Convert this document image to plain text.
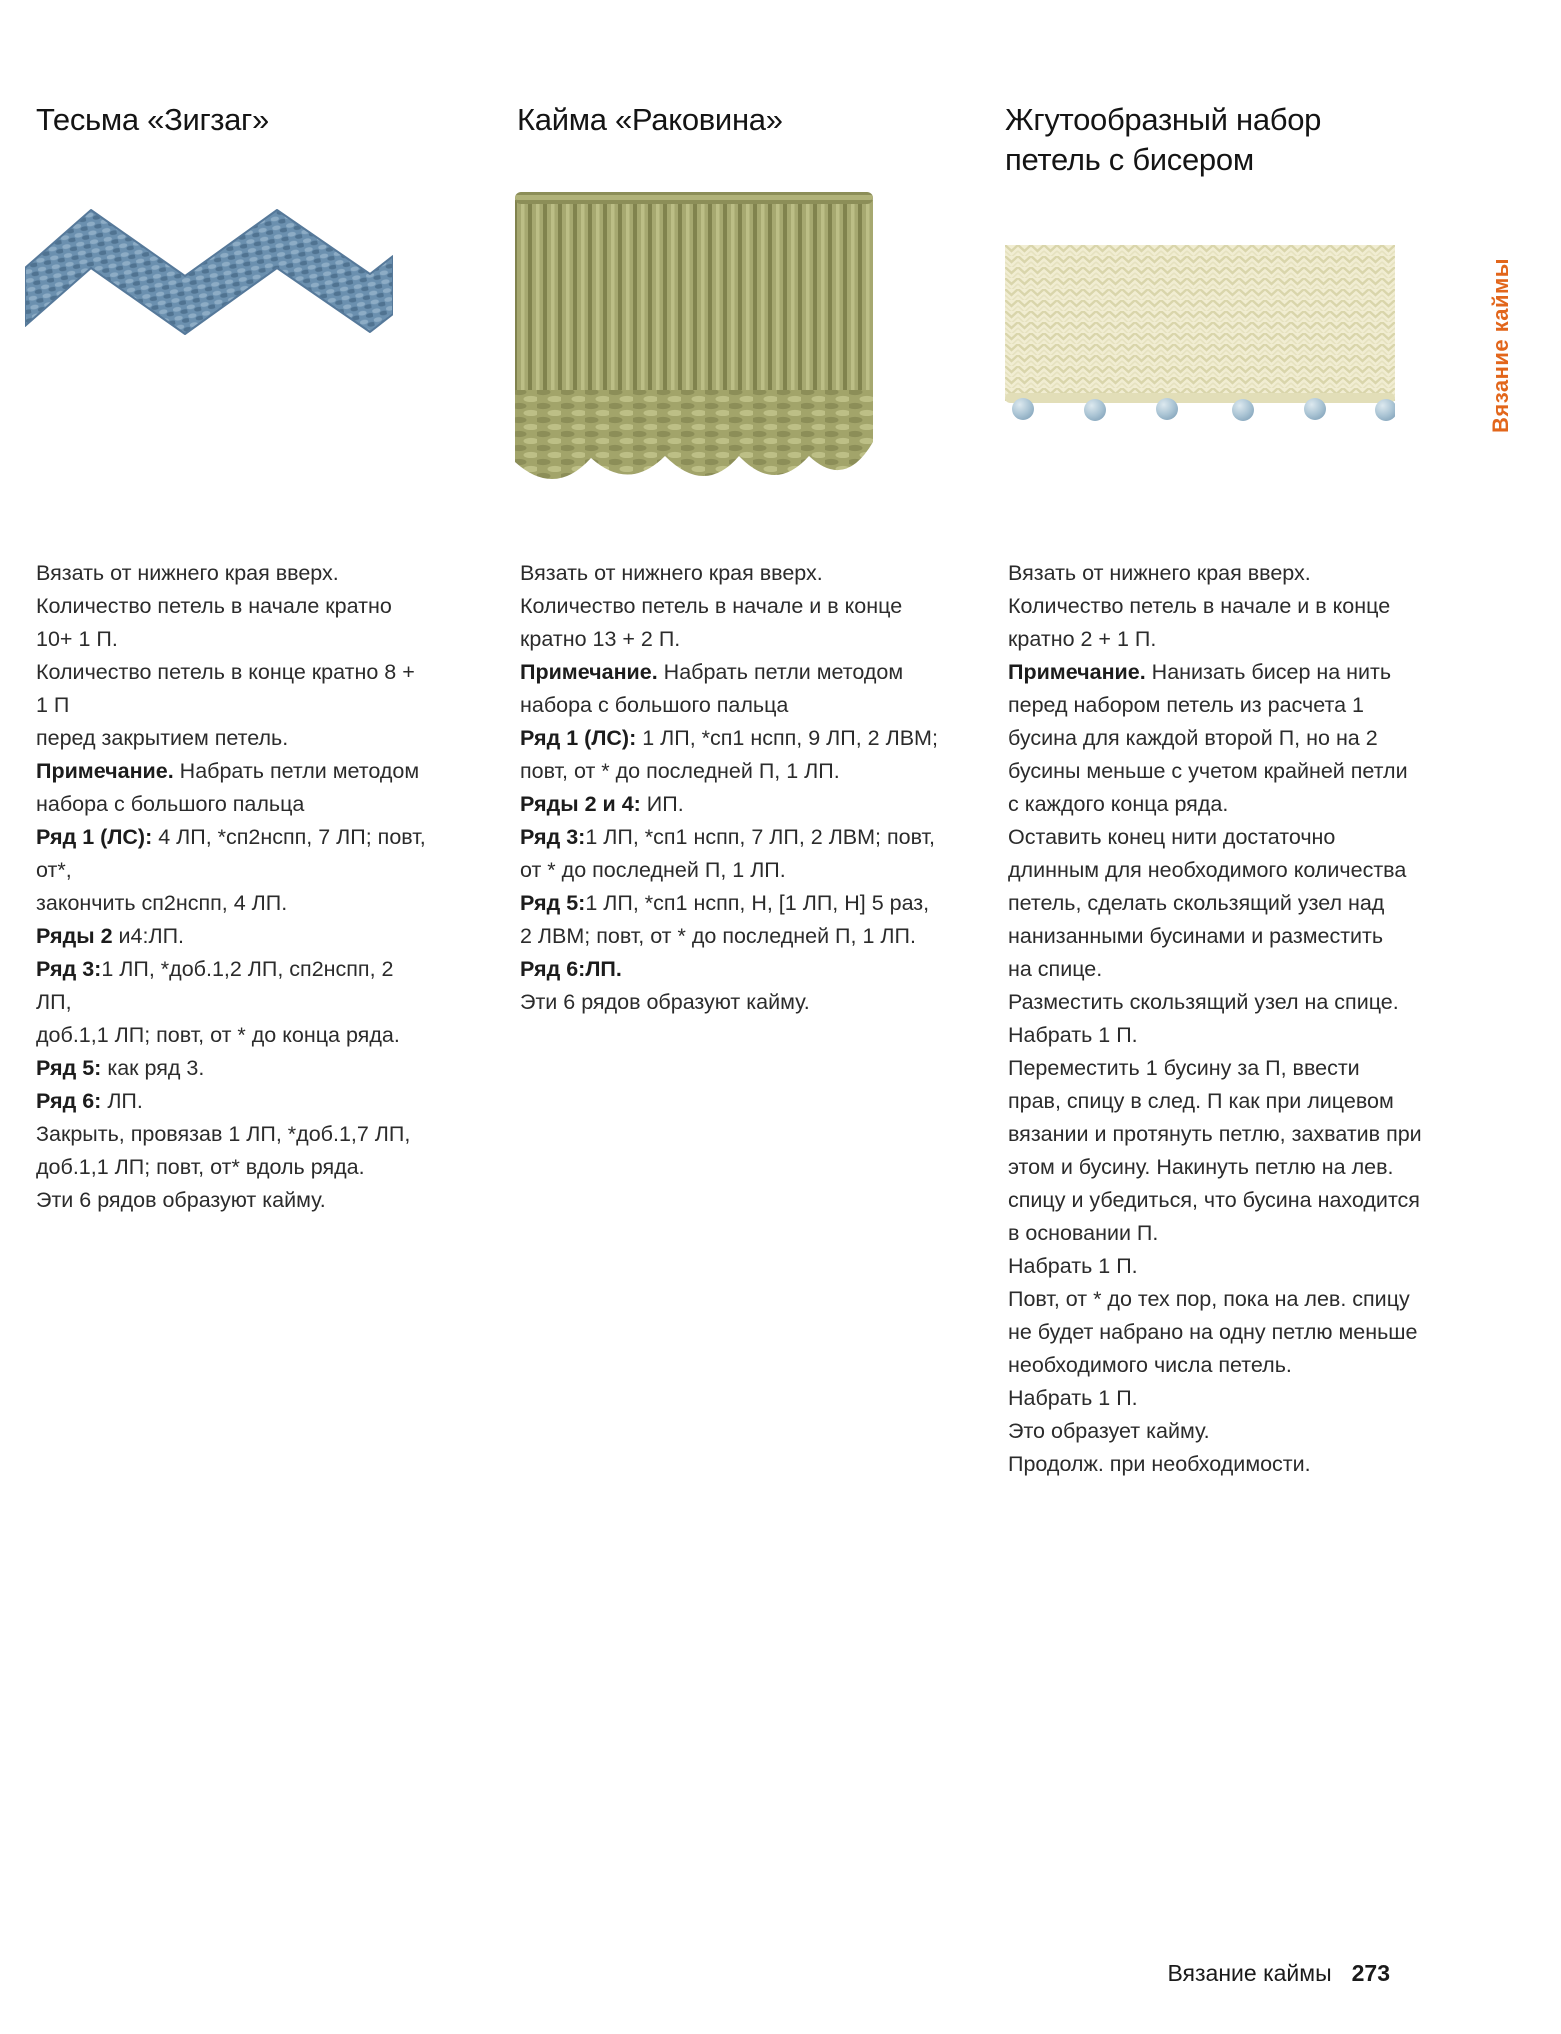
Тесьма «Зигзаг»

Вязать от нижнего края вверх.

Количество петель в начале кратно

10+ 1 П.

Количество петель в конце кратно 8 + 1 П

перед закрытием петель.

Примечание. Набрать петли методом

набора с большого пальца

Ряд 1 (ЛС): 4 ЛП, *сп2нспп, 7 ЛП; повт, от*,

закончить сп2нспп, 4 ЛП.

Ряды 2 и4:ЛП.

Ряд 3:1 ЛП, *доб.1,2 ЛП, сп2нспп, 2 ЛП,

доб.1,1 ЛП; повт, от * до конца ряда.

Ряд 5: как ряд 3.

Ряд 6: ЛП.

Закрыть, провязав 1 ЛП, *доб.1,7 ЛП,

доб.1,1 ЛП; повт, от* вдоль ряда.

Эти 6 рядов образуют кайму.

Кайма «Раковина»

Вязать от нижнего края вверх.

Количество петель в начале и в конце

кратно 13 + 2 П.

Примечание. Набрать петли методом

набора с большого пальца

Ряд 1 (ЛС): 1 ЛП, *сп1 нспп, 9 ЛП, 2 ЛВМ;

повт, от * до последней П, 1 ЛП.

Ряды 2 и 4: ИП.

Ряд 3:1 ЛП, *сп1 нспп, 7 ЛП, 2 ЛВМ; повт,

от * до последней П, 1 ЛП.

Ряд 5:1 ЛП, *сп1 нспп, Н, [1 ЛП, Н] 5 раз,

2 ЛВМ; повт, от * до последней П, 1 ЛП.

Ряд 6:ЛП.

Эти 6 рядов образуют кайму.

Жгутообразный набор петель с бисером

Вязать от нижнего края вверх.

Количество петель в начале и в конце

кратно 2 + 1 П.

Примечание. Нанизать бисер на нить

перед набором петель из расчета 1

бусина для каждой второй П, но на 2

бусины меньше с учетом крайней петли

с каждого конца ряда.

Оставить конец нити достаточно

длинным для необходимого количества

петель, сделать скользящий узел над

нанизанными бусинами и разместить

на спице.

Разместить скользящий узел на спице.

Набрать 1 П.

Переместить 1 бусину за П, ввести

прав, спицу в след. П как при лицевом

вязании и протянуть петлю, захватив при

этом и бусину. Накинуть петлю на лев.

спицу и убедиться, что бусина находится

в основании П.

Набрать 1 П.

Повт, от * до тех пор, пока на лев. спицу

не будет набрано на одну петлю меньше

необходимого числа петель.

Набрать 1 П.

Это образует кайму.

Продолж. при необходимости.

Вязание каймы
Вязание каймы 273
